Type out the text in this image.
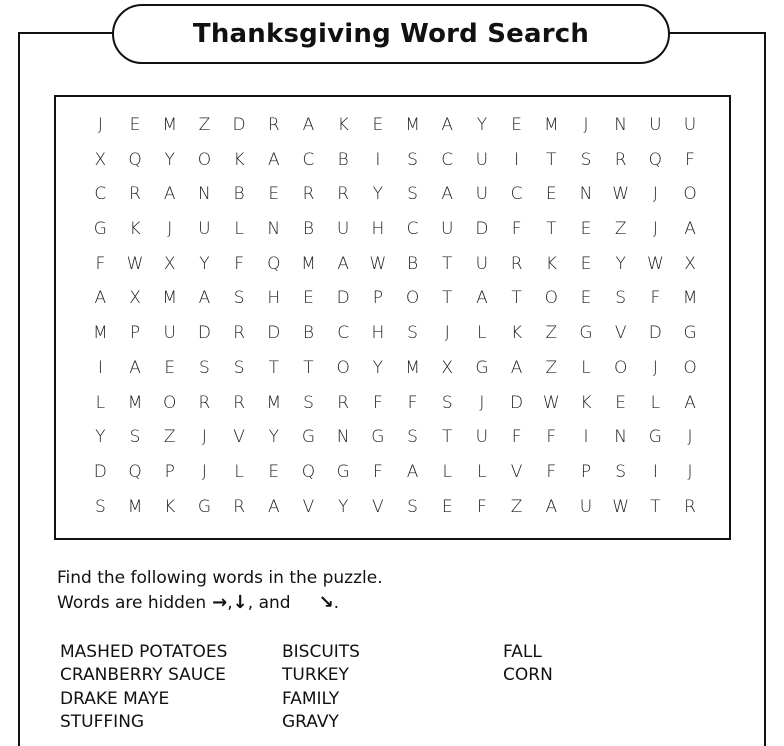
Thanksgiving Word Search
J	E	M	Z	D	R	A	K	E	M	A	Y	E	M	J	N	U	U
X	Q	Y	O	K	A	C	B	I	S	C	U	I	T	S	R	Q	F
C	R	A	N	B	E	R	R	Y	S	A	U	C	E	N	W	J	O
G	K	J	U	L	N	B	U	H	C	U	D	F	T	E	Z	J	A
F	W	X	Y	F	Q	M	A	W	B	T	U	R	K	E	Y	W	X
A	X	M	A	S	H	E	D	P	O	T	A	T	O	E	S	F	M
M	P	U	D	R	D	B	C	H	S	J	L	K	Z	G	V	D	G
I	A	E	S	S	T	T	O	Y	M	X	G	A	Z	L	O	J	O
L	M	O	R	R	M	S	R	F	F	S	J	D	W	K	E	L	A
Y	S	Z	J	V	Y	G	N	G	S	T	U	F	F	I	N	G	J
D	Q	P	J	L	E	Q	G	F	A	L	L	V	F	P	S	I	J
S	M	K	G	R	A	V	Y	V	S	E	F	Z	A	U	W	T	R
Find the following words in the puzzle.
Words are hidden → , ↓ , and ↘ .
MASHED POTATOES
CRANBERRY SAUCE
DRAKE MAYE
STUFFING
BISCUITS
TURKEY
FAMILY
GRAVY
FALL
CORN
